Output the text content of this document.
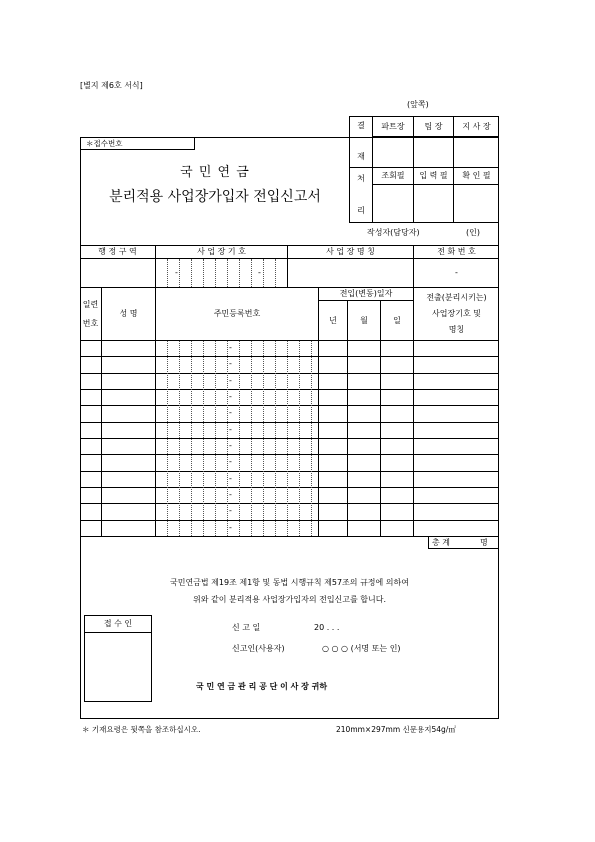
[별지 제6호 서식]
(앞쪽)
＊접수번호
국 민 연 금
분리적용 사업장가입자 전입신고서
결
재
처
리
파트장	팀 장	지 사 장
조회필	입 력 필	확 인 필
작성자(담당자)	(인)
행 정 구 역	사 업 장 기 호	사 업 장 명 칭	전 화 번 호
-	-	-
일련
번호
성 명	주민등록번호
전입(변동)일자
년	월	일
전출(분리시키는)
사업장기호 및
명칭
-
-
-
-
-
-
-
-
-
-
-
-
총 계	명
국민연금법 제19조 제1항 및 동법 시행규칙 제57조의 규정에 의하여
위와 같이 분리적용 사업장가입자의 전입신고를 합니다.
접 수 인	신 고 일	20 . . .
신고인(사용자)	○ ○ ○ (서명 또는 인)
국 민 연 금 관 리 공 단 이 사 장 귀하
＊ 기재요령은 뒷쪽을 참조하십시오.	210mm×297mm 신문용지54g/㎡
